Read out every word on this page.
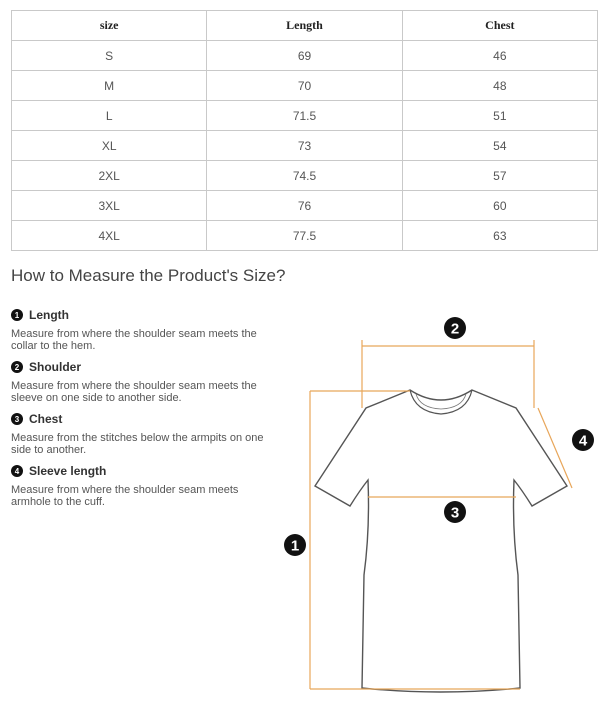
size	Length	Chest
S	69	46
M	70	48
L	71.5	51
XL	73	54
2XL	74.5	57
3XL	76	60
4XL	77.5	63
How to Measure the Product's Size?
1 Length
Measure from where the shoulder seam meets the collar to the hem.
2 Shoulder
Measure from where the shoulder seam meets the sleeve on one side to another side.
3 Chest
Measure from the stitches below the armpits on one side to another.
4 Sleeve length
Measure from where the shoulder seam meets armhole to the cuff.
1
2
3
4
